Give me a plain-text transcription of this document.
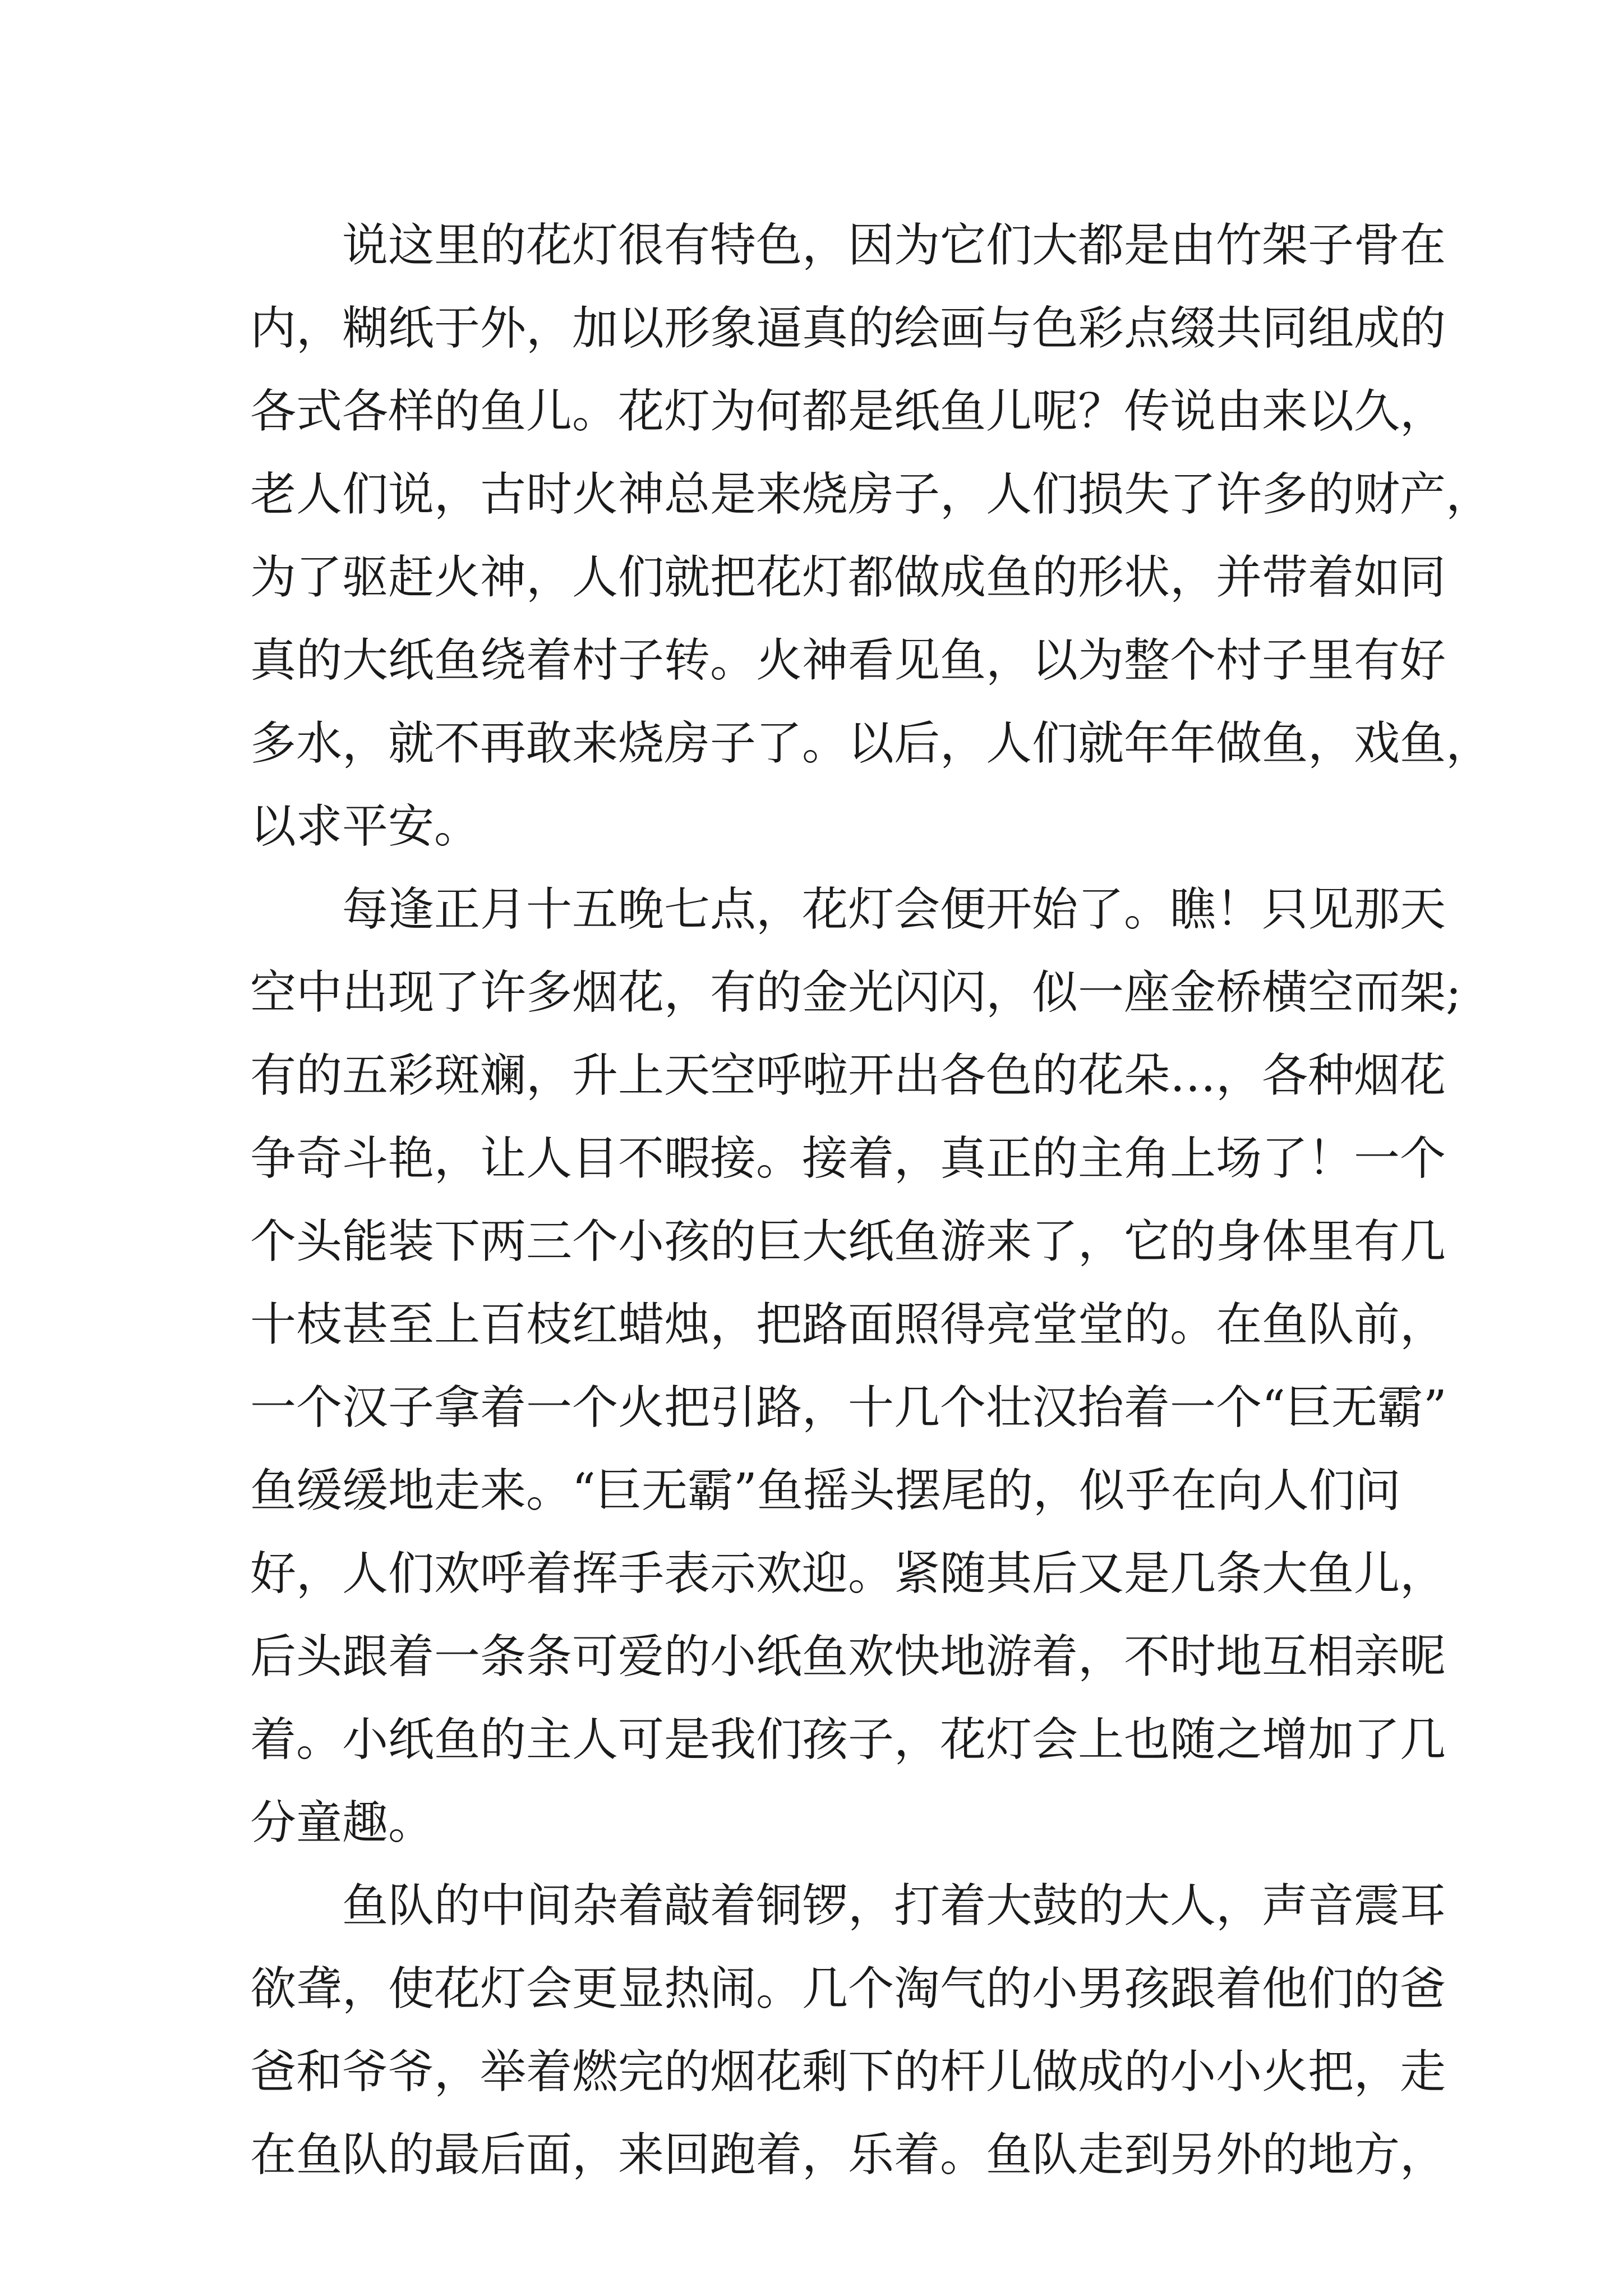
说这里的花灯很有特色，因为它们大都是由竹架子骨在
内，糊纸于外，加以形象逼真的绘画与色彩点缀共同组成的
各式各样的鱼儿。花灯为何都是纸鱼儿呢？传说由来以久，
老人们说，古时火神总是来烧房子，人们损失了许多的财产，
为了驱赶火神，人们就把花灯都做成鱼的形状，并带着如同
真的大纸鱼绕着村子转。火神看见鱼，以为整个村子里有好
多水，就不再敢来烧房子了。以后，人们就年年做鱼，戏鱼，
以求平安。
每逢正月十五晚七点，花灯会便开始了。瞧！只见那天
空中出现了许多烟花，有的金光闪闪，似一座金桥横空而架;
有的五彩斑斓，升上天空呼啦开出各色的花朵…，各种烟花
争奇斗艳，让人目不暇接。接着，真正的主角上场了！一个
个头能装下两三个小孩的巨大纸鱼游来了，它的身体里有几
十枝甚至上百枝红蜡烛，把路面照得亮堂堂的。在鱼队前，
一个汉子拿着一个火把引路，十几个壮汉抬着一个“巨无霸”
鱼缓缓地走来。“巨无霸”鱼摇头摆尾的，似乎在向人们问
好，人们欢呼着挥手表示欢迎。紧随其后又是几条大鱼儿，
后头跟着一条条可爱的小纸鱼欢快地游着，不时地互相亲昵
着。小纸鱼的主人可是我们孩子，花灯会上也随之增加了几
分童趣。
鱼队的中间杂着敲着铜锣，打着大鼓的大人，声音震耳
欲聋，使花灯会更显热闹。几个淘气的小男孩跟着他们的爸
爸和爷爷，举着燃完的烟花剩下的杆儿做成的小小火把，走
在鱼队的最后面，来回跑着，乐着。鱼队走到另外的地方，
